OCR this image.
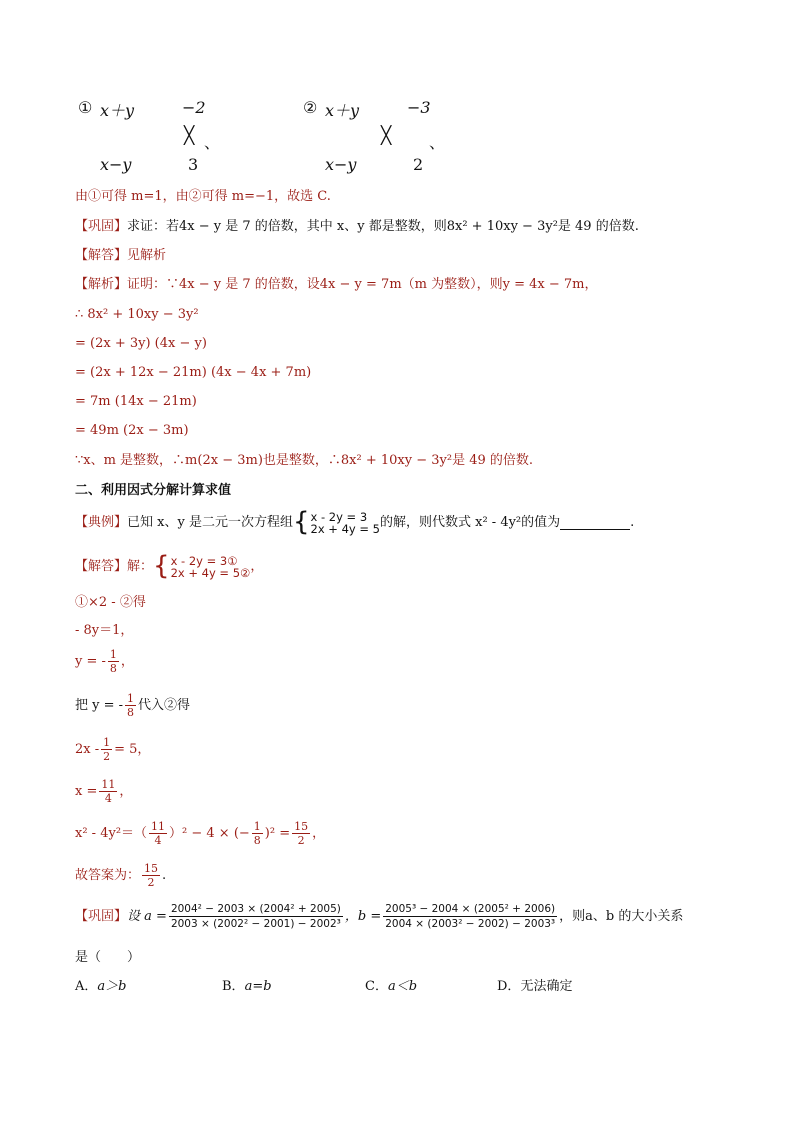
① x＋y	−2
╳ 、
x−y	3
② x＋y	−3
╳ 、
x−y	2
由①可得 m=1，由②可得 m=−1，故选 C.
【巩固】求证：若4x − y 是 7 的倍数，其中 x、y 都是整数，则8x² + 10xy − 3y²是 49 的倍数.
【解答】见解析
【解析】证明：∵4x − y 是 7 的倍数，设4x − y = 7m（m 为整数），则y = 4x − 7m，
∴ 8x² + 10xy − 3y²
= (2x + 3y) (4x − y)
= (2x + 12x − 21m) (4x − 4x + 7m)
= 7m (14x − 21m)
= 49m (2x − 3m)
∵x、m 是整数，∴m(2x − 3m)也是整数，∴8x² + 10xy − 3y²是 49 的倍数.
二、利用因式分解计算求值
【典例】 已知 x、y 是二元一次方程组 { x - 2y = 3
2x + 4y = 5 的解，则代数式 x² - 4y²的值为	.
【解答】 解： { x - 2y = 3①
2x + 4y = 5② ，
①×2 - ②得
- 8y＝1，
y = - $\frac{1}{8}$ ，
把 y = - $\frac{1}{8}$ 代入②得
$2x - \frac{1}{2} = 5$，
$x = \frac{11}{4}$ ，
$x^2 - 4y^2=( \frac{11}{4} )^2 - 4$ × (− $\frac{1}{8} )^2 = \frac{15}{2}$ ，
故答案为： $\frac{15}{2}$ .
【巩固】 设 $a = \frac{\text{2004² − 2003 × (2004² + 2005)}}{\text{2003 × (2002² − 2001) − 2002³}}$ ，$b = \frac{\text{2005³ − 2004 × (2005² + 2006)}}{\text{2004 × (2003² − 2002) − 2003³}}$ ，则a、b 的大小关系
是（　　）
A．a＞b	B．a=b	C．a＜b	D．无法确定
